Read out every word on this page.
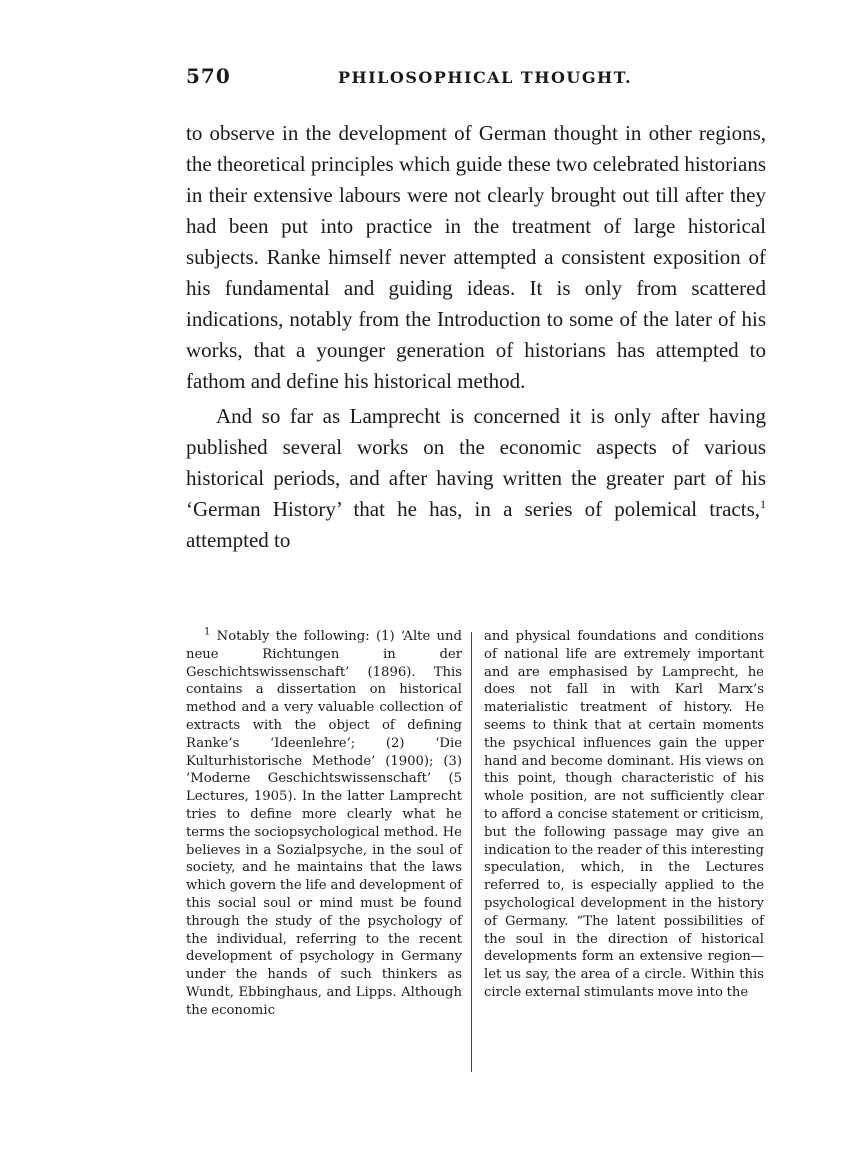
570	PHILOSOPHICAL THOUGHT.

to observe in the development of German thought in other regions, the theoretical principles which guide these two celebrated historians in their extensive labours were not clearly brought out till after they had been put into practice in the treatment of large historical subjects. Ranke himself never attempted a consistent exposition of his fundamental and guiding ideas. It is only from scattered indications, notably from the Introduction to some of the later of his works, that a younger generation of historians has attempted to fathom and define his historical method.

And so far as Lamprecht is concerned it is only after having published several works on the economic aspects of various historical periods, and after having written the greater part of his ‘German History’ that he has, in a series of polemical tracts,$^1$ attempted to

$^1$ Notably the following: (1) ‘Alte und neue Richtungen in der Geschichtswissenschaft’ (1896). This contains a dissertation on historical method and a very valuable collection of extracts with the object of defining Ranke’s ‘Ideenlehre’; (2) ‘Die Kulturhistorische Methode’ (1900); (3) ‘Moderne Geschichtswissenschaft’ (5 Lectures, 1905). In the latter Lamprecht tries to define more clearly what he terms the sociopsychological method. He believes in a Sozialpsyche, in the soul of society, and he maintains that the laws which govern the life and development of this social soul or mind must be found through the study of the psychology of the individual, referring to the recent development of psychology in Germany under the hands of such thinkers as Wundt, Ebbinghaus, and Lipps. Although the economic

and physical foundations and conditions of national life are extremely important and are emphasised by Lamprecht, he does not fall in with Karl Marx’s materialistic treatment of history. He seems to think that at certain moments the psychical influences gain the upper hand and become dominant. His views on this point, though characteristic of his whole position, are not sufficiently clear to afford a concise statement or criticism, but the following passage may give an indication to the reader of this interesting speculation, which, in the Lectures referred to, is especially applied to the psychological development in the history of Germany. “The latent possibilities of the soul in the direction of historical developments form an extensive region—let us say, the area of a circle. Within this circle external stimulants move into the
